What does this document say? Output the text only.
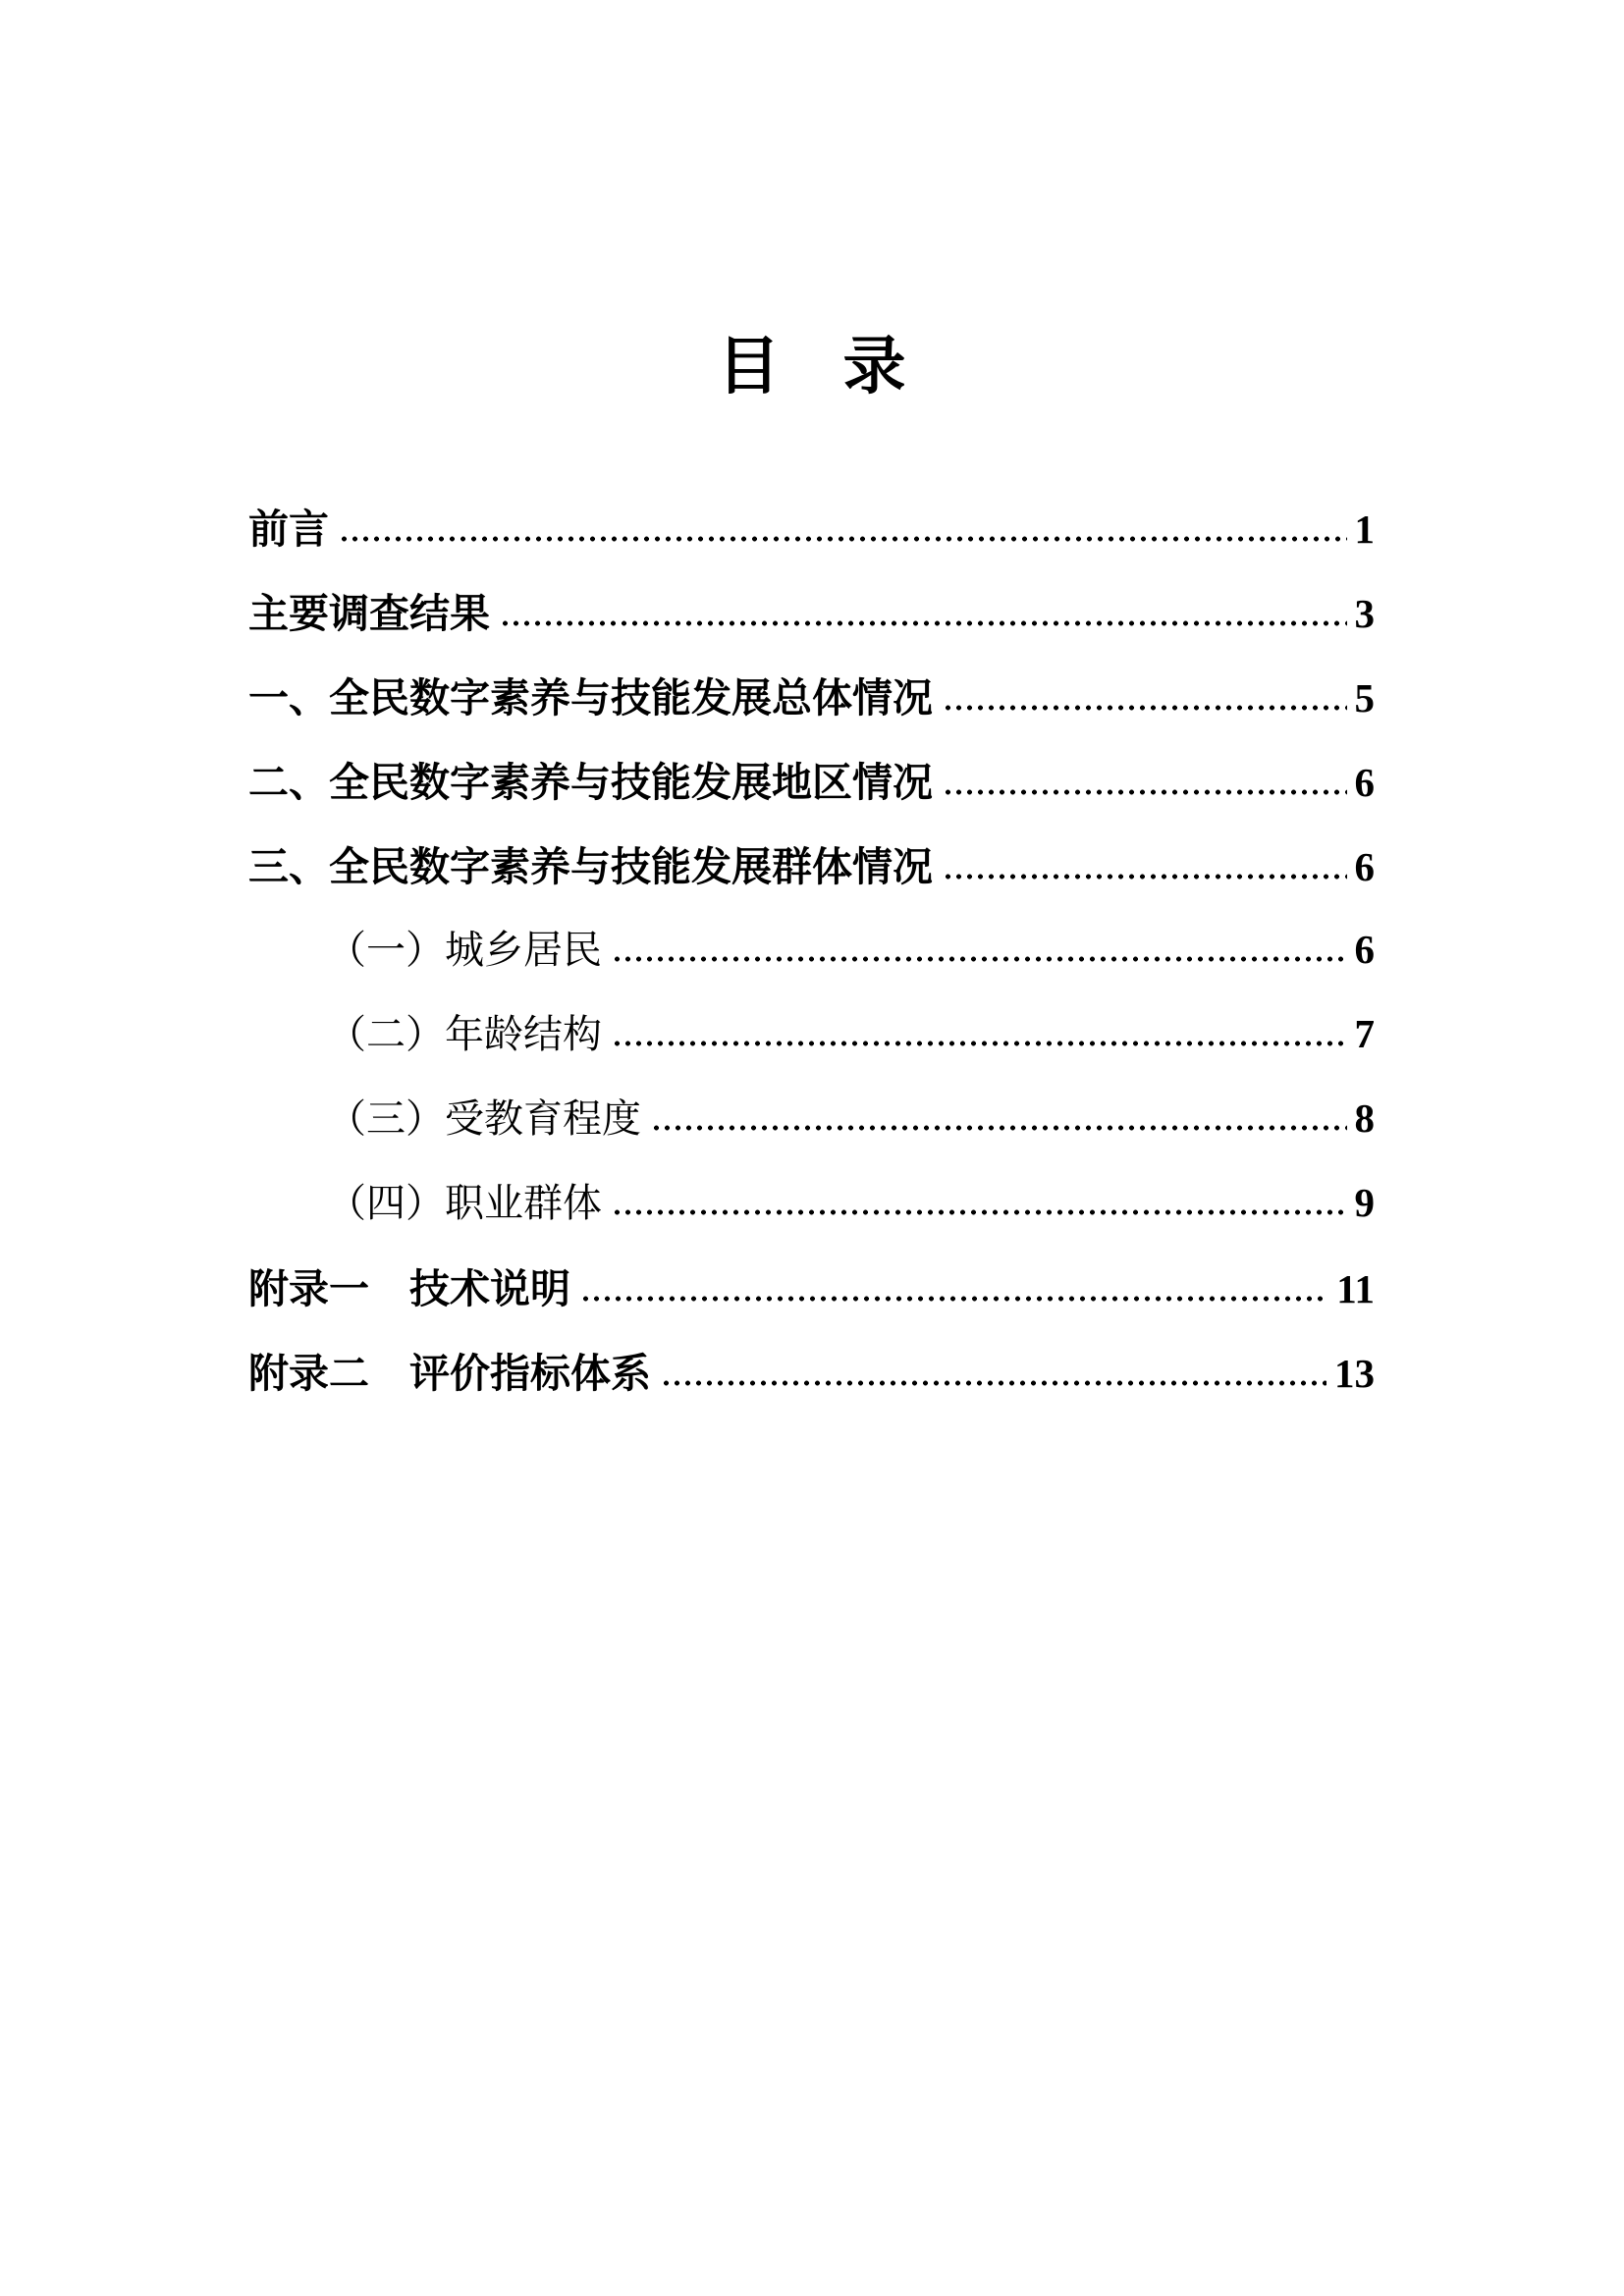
目　录
前言	1
主要调查结果	3
一、全民数字素养与技能发展总体情况	5
二、全民数字素养与技能发展地区情况	6
三、全民数字素养与技能发展群体情况	6
（一）城乡居民	6
（二）年龄结构	7
（三）受教育程度	8
（四）职业群体	9
附录一　技术说明	11
附录二　评价指标体系	13
